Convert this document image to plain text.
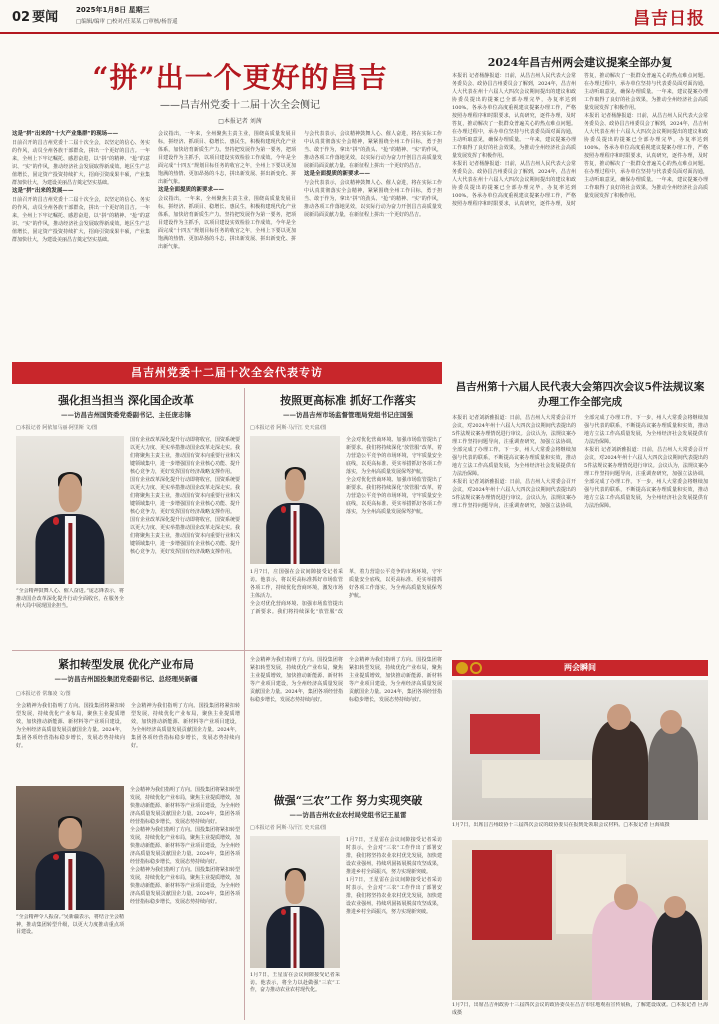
02 要闻	2025年1月8日 星期三
□编辑/编审 □校对/任某某 □审核/杨晋遥	昌吉日报
“拼”出一个更好的昌吉
——昌吉州党委十二届十次全会侧记
□本报记者 刘茜
这是“拼”出来的“十大产业集群”的现场——

日前召开的昌吉州党委十二届十次全会，以坚定的信心、务实的作风，动员全州各族干部群众，拼出一个更好的昌吉。一年来，全州上下牢记嘱托、感恩奋进，以“拼”的精神、“抢”的意识、“实”的作风，推动经济社会发展取得新成效。地区生产总值增长，固定资产投资持续扩大，招商引资成果丰硕，产业集群加快壮大，为建设美丽昌吉奠定坚实基础。

这是“拼”出来的发展——

日前召开的昌吉州党委十二届十次全会，以坚定的信心、务实的作风，动员全州各族干部群众，拼出一个更好的昌吉。一年来，全州上下牢记嘱托、感恩奋进，以“拼”的精神、“抢”的意识、“实”的作风，推动经济社会发展取得新成效。地区生产总值增长，固定资产投资持续扩大，招商引资成果丰硕，产业集群加快壮大，为建设美丽昌吉奠定坚实基础。

会议指出，一年来，全州聚焦主责主业，围绕高质量发展目标，拼经济、抓项目、稳增长、惠民生，积极构建现代化产业体系，加快培育新质生产力。坚持把发展作为第一要务，把项目建设作为主抓手，以项目建设实效检验工作成效。今年是全面完成“十四五”规划目标任务的收官之年，全州上下要以更加饱满的热情、更加昂扬的斗志，拼出新发展、拼出新变化、拼出新气象。

这是全面提质的新要求——

会议指出，一年来，全州聚焦主责主业，围绕高质量发展目标，拼经济、抓项目、稳增长、惠民生，积极构建现代化产业体系，加快培育新质生产力。坚持把发展作为第一要务，把项目建设作为主抓手，以项目建设实效检验工作成效。今年是全面完成“十四五”规划目标任务的收官之年，全州上下要以更加饱满的热情、更加昂扬的斗志，拼出新发展、拼出新变化、拼出新气象。

与会代表表示，会议精神鼓舞人心、催人奋进，将在实际工作中认真贯彻落实全会精神，紧紧围绕全州工作目标，勇于担当、敢于作为，拿出“拼”的劲头、“抢”的精神、“实”的作风，推动各项工作落地见效，以实际行动为奋力开创昌吉高质量发展新局面贡献力量，在新征程上拼出一个更好的昌吉。

这是全面提质的新要求——

与会代表表示，会议精神鼓舞人心、催人奋进，将在实际工作中认真贯彻落实全会精神，紧紧围绕全州工作目标，勇于担当、敢于作为，拿出“拼”的劲头、“抢”的精神、“实”的作风，推动各项工作落地见效，以实际行动为奋力开创昌吉高质量发展新局面贡献力量，在新征程上拼出一个更好的昌吉。

2024年昌吉州两会建议提案全部办复

本报讯 记者杨静报道：日前，从昌吉州人民代表大会常务委员会、政协昌吉州委员会了解到，2024年，昌吉州人大代表在州十六届人大四次会议期间提出的建议和政协委员提出的提案已全部办理完毕，办复率达到100%。各承办单位高度重视建议提案办理工作，严格按照办理程序和时限要求，认真研究，逐件办理，及时答复，推动解决了一批群众普遍关心的热点难点问题。在办理过程中，承办单位坚持与代表委员面对面沟通，主动听取意见，确保办理质量。一年来，建议提案办理工作取得了良好的社会效果，为推动全州经济社会高质量发展发挥了积极作用。

本报讯 记者杨静报道：日前，从昌吉州人民代表大会常务委员会、政协昌吉州委员会了解到，2024年，昌吉州人大代表在州十六届人大四次会议期间提出的建议和政协委员提出的提案已全部办理完毕，办复率达到100%。各承办单位高度重视建议提案办理工作，严格按照办理程序和时限要求，认真研究，逐件办理，及时答复，推动解决了一批群众普遍关心的热点难点问题。在办理过程中，承办单位坚持与代表委员面对面沟通，主动听取意见，确保办理质量。一年来，建议提案办理工作取得了良好的社会效果，为推动全州经济社会高质量发展发挥了积极作用。

本报讯 记者杨静报道：日前，从昌吉州人民代表大会常务委员会、政协昌吉州委员会了解到，2024年，昌吉州人大代表在州十六届人大四次会议期间提出的建议和政协委员提出的提案已全部办理完毕，办复率达到100%。各承办单位高度重视建议提案办理工作，严格按照办理程序和时限要求，认真研究，逐件办理，及时答复，推动解决了一批群众普遍关心的热点难点问题。在办理过程中，承办单位坚持与代表委员面对面沟通，主动听取意见，确保办理质量。一年来，建议提案办理工作取得了良好的社会效果，为推动全州经济社会高质量发展发挥了积极作用。

昌吉州第十六届人民代表大会第四次会议5件法规议案办理工作全部完成

本报讯 记者刘新雅报道：日前，昌吉州人大常委会召开会议，对2024年州十六届人大四次会议期间代表提出的5件法规议案办理情况进行审议。会议认为，法规议案办理工作坚持问题导向，注重调查研究，加强立法协调，全部完成了办理工作。下一步，州人大常委会将继续加强与代表的联系，不断提高议案办理质量和实效，推动地方立法工作高质量发展，为全州经济社会发展提供有力法治保障。

本报讯 记者刘新雅报道：日前，昌吉州人大常委会召开会议，对2024年州十六届人大四次会议期间代表提出的5件法规议案办理情况进行审议。会议认为，法规议案办理工作坚持问题导向，注重调查研究，加强立法协调，全部完成了办理工作。下一步，州人大常委会将继续加强与代表的联系，不断提高议案办理质量和实效，推动地方立法工作高质量发展，为全州经济社会发展提供有力法治保障。

本报讯 记者刘新雅报道：日前，昌吉州人大常委会召开会议，对2024年州十六届人大四次会议期间代表提出的5件法规议案办理情况进行审议。会议认为，法规议案办理工作坚持问题导向，注重调查研究，加强立法协调，全部完成了办理工作。下一步，州人大常委会将继续加强与代表的联系，不断提高议案办理质量和实效，推动地方立法工作高质量发展，为全州经济社会发展提供有力法治保障。

昌吉州党委十二届十次全会代表专访
强化担当担当 深化国企改革
——访昌吉州国资委党委副书记、主任庞志锋
□本报记者 阿依加马丽·阿里斯 文/图
“全会精神鼓舞人心、催人奋进。”庞志锋表示，将推动国企改革深化提升行动全面收官，在服务全州大局中展现国企担当。

国有企业改革深化提升行动即将收官，国资系统要以更大力度、更实举措推动国企改革走深走实。我们将聚焦主责主业，推动国有资本向重要行业和关键领域集中，进一步增强国有企业核心功能、提升核心竞争力，更好发挥国有经济战略支撑作用。

国有企业改革深化提升行动即将收官，国资系统要以更大力度、更实举措推动国企改革走深走实。我们将聚焦主责主业，推动国有资本向重要行业和关键领域集中，进一步增强国有企业核心功能、提升核心竞争力，更好发挥国有经济战略支撑作用。

国有企业改革深化提升行动即将收官，国资系统要以更大力度、更实举措推动国企改革走深走实。我们将聚焦主责主业，推动国有资本向重要行业和关键领域集中，进一步增强国有企业核心功能、提升核心竞争力，更好发挥国有经济战略支撑作用。

按照更高标准 抓好工作落实
——访昌吉州市场监督管理局党组书记庄国强
□本报记者 阿斯·马汗江 史天富/图

全会对优化营商环境、加强市场监管提出了新要求。我们将持续深化“放管服”改革，着力营造公平竞争的市场环境，守牢质量安全底线，以更高标准、更实举措抓好各项工作落实，为全州高质量发展保驾护航。

全会对优化营商环境、加强市场监管提出了新要求。我们将持续深化“放管服”改革，着力营造公平竞争的市场环境，守牢质量安全底线，以更高标准、更实举措抓好各项工作落实，为全州高质量发展保驾护航。

1月7日，庄国强在会议间隙接受记者采访。他表示，将以更高标准抓好市场监管各项工作，持续优化营商环境，激发市场主体活力。

全会对优化营商环境、加强市场监管提出了新要求。我们将持续深化“放管服”改革，着力营造公平竞争的市场环境，守牢质量安全底线，以更高标准、更实举措抓好各项工作落实，为全州高质量发展保驾护航。

紧扣转型发展 优化产业布局
——访昌吉州国投集团党委副书记、总经理吴新疆
□本报记者 常珈凌 文/图

全会精神为我们指明了方向。国投集团将紧扣转型发展，持续优化产业布局，聚焦主业提质增效，加快推动新能源、新材料等产业项目建设，为全州经济高质量发展贡献国企力量。2024年，集团各项经营指标稳步增长，发展态势持续向好。

全会精神为我们指明了方向。国投集团将紧扣转型发展，持续优化产业布局，聚焦主业提质增效，加快推动新能源、新材料等产业项目建设，为全州经济高质量发展贡献国企力量。2024年，集团各项经营指标稳步增长，发展态势持续向好。

“全会精神令人振奋。”吴新疆表示，将结合全会精神，推动集团转型升级，以更大力度推动重点项目建设。

全会精神为我们指明了方向。国投集团将紧扣转型发展，持续优化产业布局，聚焦主业提质增效，加快推动新能源、新材料等产业项目建设，为全州经济高质量发展贡献国企力量。2024年，集团各项经营指标稳步增长，发展态势持续向好。

全会精神为我们指明了方向。国投集团将紧扣转型发展，持续优化产业布局，聚焦主业提质增效，加快推动新能源、新材料等产业项目建设，为全州经济高质量发展贡献国企力量。2024年，集团各项经营指标稳步增长，发展态势持续向好。

全会精神为我们指明了方向。国投集团将紧扣转型发展，持续优化产业布局，聚焦主业提质增效，加快推动新能源、新材料等产业项目建设，为全州经济高质量发展贡献国企力量。2024年，集团各项经营指标稳步增长，发展态势持续向好。

做强“三农”工作 努力实现突破
——访昌吉州农业农村局党组书记王星雷
□本报记者 阿斯·马汗江 史天富/图

全会精神为我们指明了方向。国投集团将紧扣转型发展，持续优化产业布局，聚焦主业提质增效，加快推动新能源、新材料等产业项目建设，为全州经济高质量发展贡献国企力量。2024年，集团各项经营指标稳步增长，发展态势持续向好。

全会精神为我们指明了方向。国投集团将紧扣转型发展，持续优化产业布局，聚焦主业提质增效，加快推动新能源、新材料等产业项目建设，为全州经济高质量发展贡献国企力量。2024年，集团各项经营指标稳步增长，发展态势持续向好。

1月7日，王星雷在会议间隙接受记者采访时表示，全会对“三农”工作作出了部署安排，我们将坚持农业农村优先发展，加快建设农业强州，持续巩固拓展脱贫攻坚成果，推进乡村全面振兴，努力实现新突破。

1月7日，王星雷在会议间隙接受记者采访时表示，全会对“三农”工作作出了部署安排，我们将坚持农业农村优先发展，加快建设农业强州，持续巩固拓展脱贫攻坚成果，推进乡村全面振兴，努力实现新突破。

1月7日，王星雷在会议间隙接受记者采访。他表示，将全力以赴做强“三农”工作，奋力推动农业农村现代化。
两会瞬间
1月7日，出席昌吉州政协十三届四次会议的政协委员在报到处领取会议材料。□本报记者 巨海成摄
1月7日，出席昌吉州政协十三届四次会议的政协委员在昌吉市驻地观看宣传展板，了解建设成就。□本报记者 巨海成摄
